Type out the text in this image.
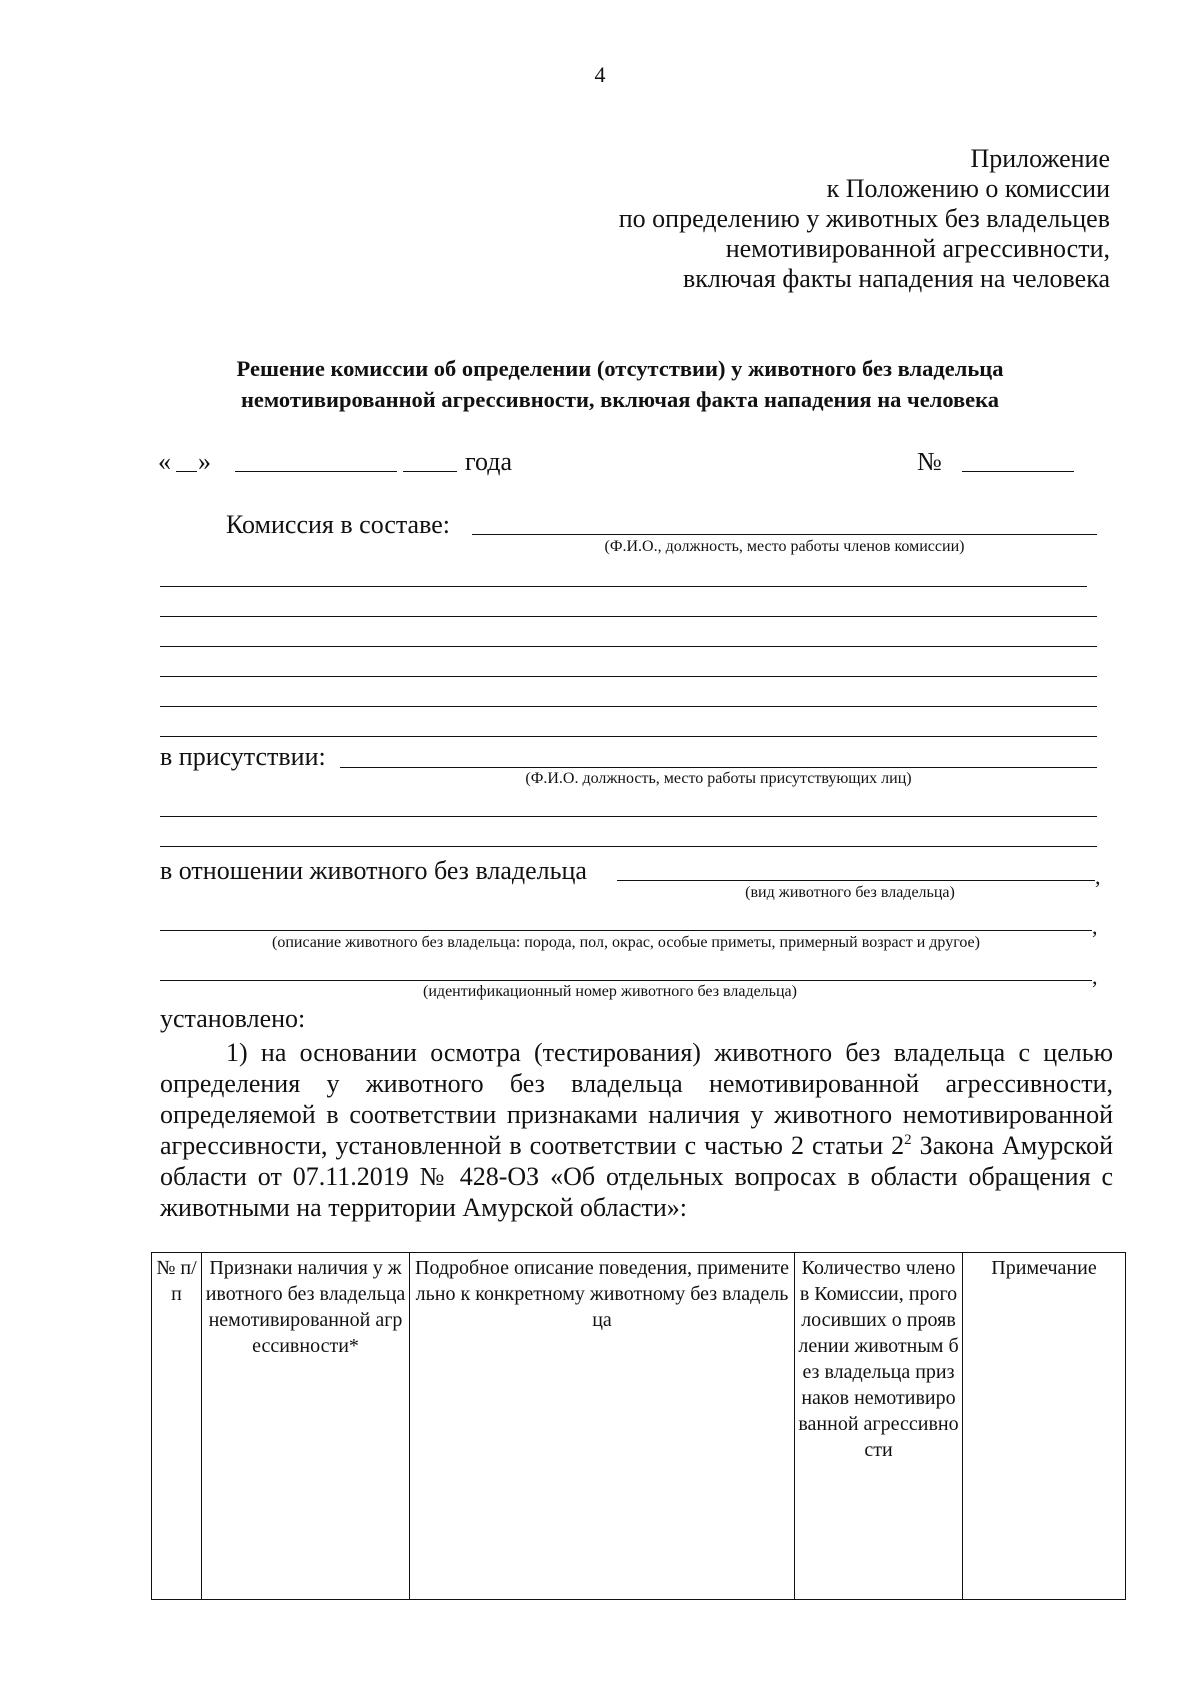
4
Приложение
к Положению о комиссии
по определению у животных без владельцев
немотивированной агрессивности,
включая факты нападения на человека
Решение комиссии об определении (отсутствии) у животного без владельца
немотивированной агрессивности, включая факта нападения на человека
« »	года	№
Комиссия в составе:
(Ф.И.О., должность, место работы членов комиссии)
в присутствии:
(Ф.И.О. должность, место работы присутствующих лиц)
в отношении животного без владельца	,
(вид животного без владельца)
,
(описание животного без владельца: порода, пол, окрас, особые приметы, примерный возраст и другое)
,
(идентификационный номер животного без владельца)
установлено:

1) на основании осмотра (тестирования) животного без владельца с целью определения у животного без владельца немотивированной агрессивности, определяемой в соответствии признаками наличия у животного немотивированной агрессивности, установленной в соответствии с частью 2 статьи $2^2$ Закона Амурской области от 07.11.2019 № 428-ОЗ «Об отдельных вопросах в области обращения с животными на территории Амурской области»:

№ п/п	Признаки наличия у животного без владельца немотивированной агрессивности*	Подробное описание поведения, применительно к конкретному животному без владельца	Количество членов Комиссии, проголосивших о проявлении животным без владельца признаков немотивированной агрессивности	Примечание
